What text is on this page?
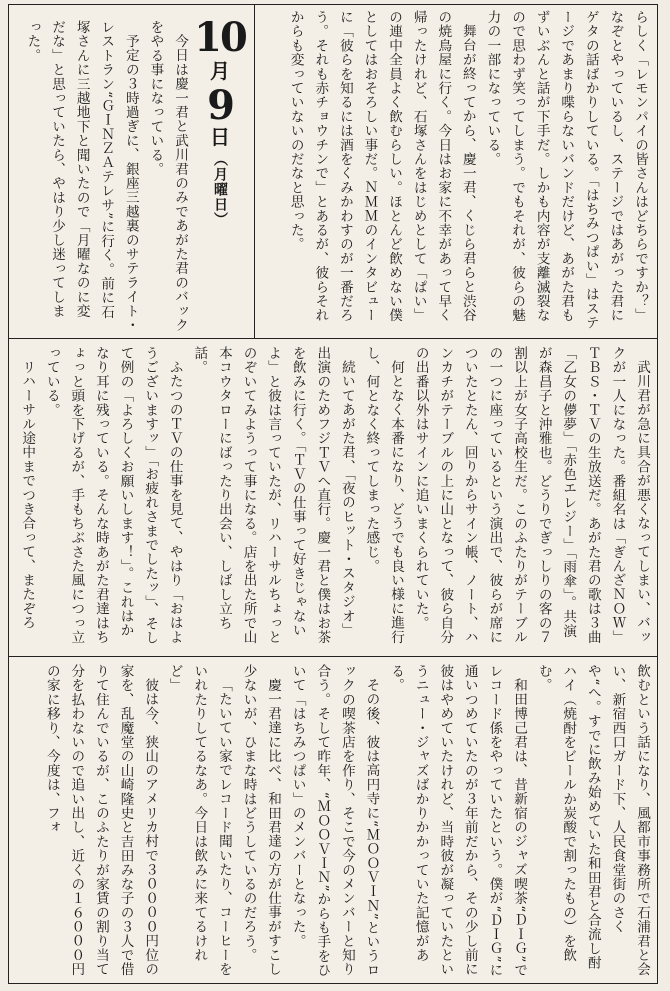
らしく「レモンパイの皆さんはどちらですか？」なぞとやっているし、ステージではあがった君にゲタの話ばかりしている。「はちみつぱい」はステージであまり喋らないバンドだけど、あがた君もずいぶんと話が下手だ。しかも内容が支離滅裂なので思わず笑ってしまう。でもそれが、彼らの魅力の一部になっている。

舞台が終ってから、慶一君、くじら君らと渋谷の焼鳥屋に行く。今日はお家に不幸があって早く帰ったけれど、石塚さんをはじめとして「ぱい」の連中全員よく飲むらしい。ほとんど飲めない僕としてはおそろしい事だ。ＮＭＭのインタビューに「彼らを知るには酒をくみかわすのが一番だろう。それも赤チョウチンで」とあるが、彼らそれからも変っていないのだなと思った。

10
月
9
日
（月曜日）

今日は慶一君と武川君のみであがた君のバックをやる事になっている。

予定の３時過ぎに、銀座三越裏のサテライト・レストラン“ＧＩＮＺＡテレサ”に行く。前に石塚さんに三越地下と聞いたので「月曜なのに変だな」と思っていたら、やはり少し迷ってしまった。

武川君が急に具合が悪くなってしまい、バックが一人になった。番組名は「ぎんざＮＯＷ」ＴＢＳ・ＴＶの生放送だ。あがた君の歌は３曲「乙女の儚夢」「赤色エレジー」「雨傘」。共演が森昌子と沖雅也。どうりでぎっしりの客の７割以上が女子高校生だ。このふたりがテーブルの一つに座っているという演出で、彼らが席についたとたん、回りからサイン帳、ノート、ハンカチがテーブルの上に山となって、彼ら自分の出番以外はサインに追いまくられていた。

何となく本番になり、どうでも良い様に進行し、何となく終ってしまった感じ。

続いてあがた君、「夜のヒット・スタジオ」出演のためフジＴＶへ直行。慶一君と僕はお茶を飲みに行く。「ＴＶの仕事って好きじゃないよ」と彼は言っていたが、リハーサルちょっとのぞいてみようって事になる。店を出た所で山本コウタローにばったり出会い、しばし立ち話。

ふたつのＴＶの仕事を見て、やはり「おはようございますッ」「お疲れさまでしたッ」、そして例の「よろしくお願いします！」。これはかなり耳に残っている。そんな時あがた君達はちょっと頭を下げるが、手もちぶさた風につっ立っている。

リハーサル途中までつき合って、またぞろ

飲むという話になり、風都市事務所で石浦君と会い、新宿西口ガード下、人民食堂街のさくや“へ。すでに飲み始めていた和田君と合流し酎ハイ（焼酎をビールか炭酸で割ったもの）を飲む。

和田博己君は、昔新宿のジャズ喫茶“ＤＩＧ”でレコード係をやっていたという。僕が“ＤＩＧ”に通いつめていたのが３年前だから、その少し前に彼はやめていたけれど、当時彼が凝っていたというニュー・ジャズばかりかかっていた記憶がある。

その後、彼は高円寺に“ＭＯＯＶＩＮ”というロックの喫茶店を作り、そこで今のメンバーと知り合う。そして昨年、“ＭＯＯＶＩＮ”からも手をひいて「はちみつぱい」のメンバーとなった。

慶一君達に比べ、和田君達の方が仕事がすこし少ないが、ひまな時はどうしているのだろう。

「たいてい家でレコード聞いたり、コーヒーをいれたりしてるなあ。今日は飲みに来てるけれど」

彼は今、狭山のアメリカ村で３００００円位の家を、乱魔堂の山崎隆史と吉田みな子の３人で借りて住んでいるが、このふたりが家賃の割り当て分を払わないので追い出し、近くの１６０００円の家に移り、今度は、フォ
